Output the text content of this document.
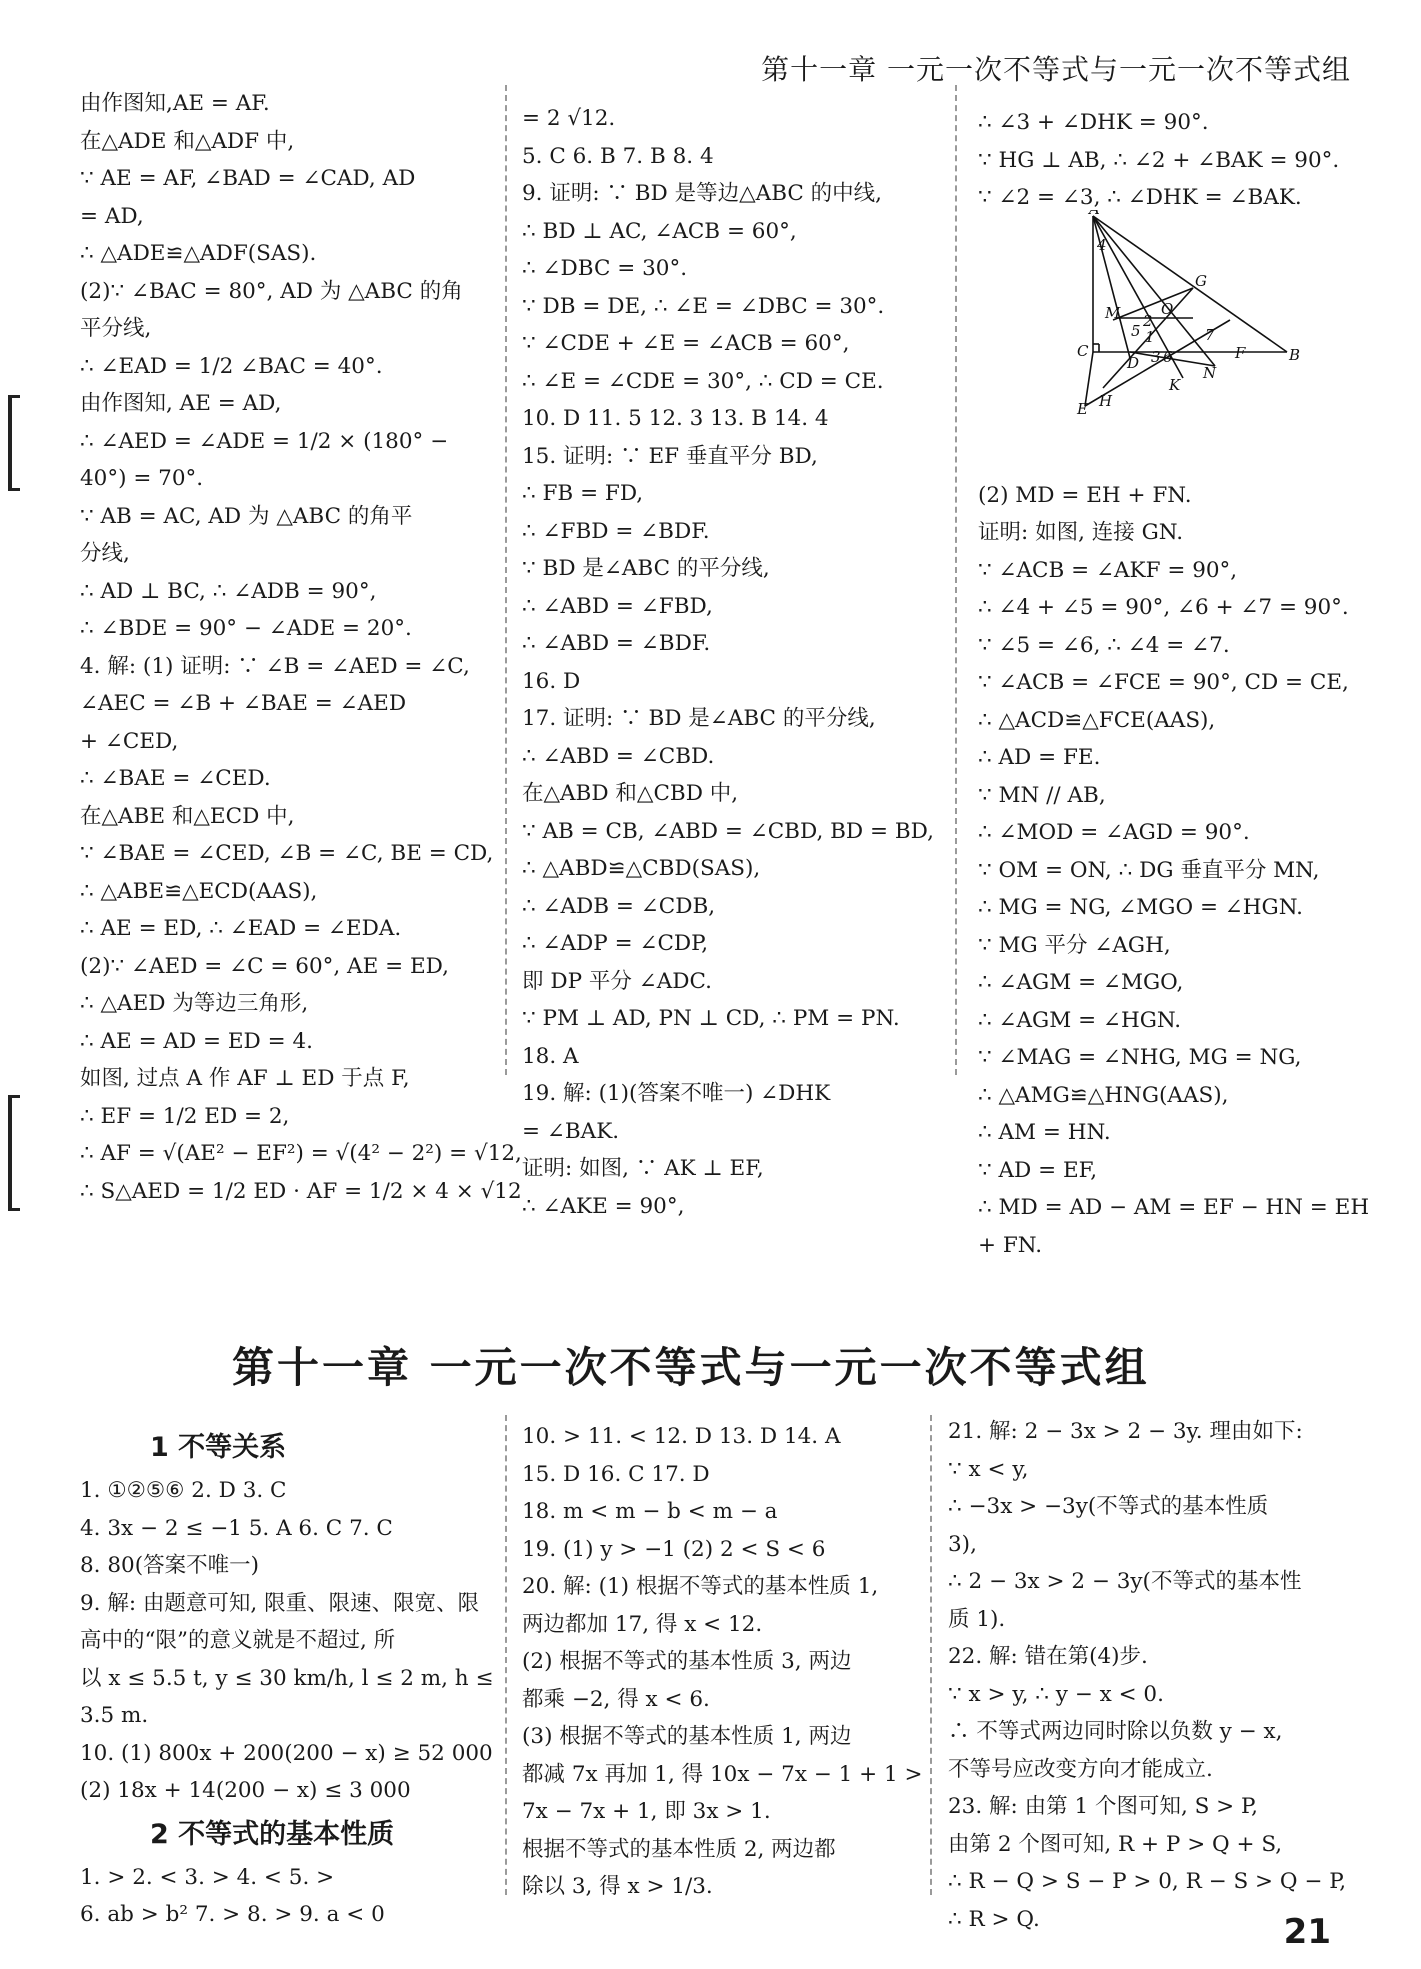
第十一章 一元一次不等式与一元一次不等式组
由作图知,AE = AF.
在△ADE 和△ADF 中,
∵ AE = AF, ∠BAD = ∠CAD, AD
= AD,
∴ △ADE≌△ADF(SAS).
(2)∵ ∠BAC = 80°, AD 为 △ABC 的角
平分线,
∴ ∠EAD = 1/2 ∠BAC = 40°.
由作图知, AE = AD,
∴ ∠AED = ∠ADE = 1/2 × (180° −
40°) = 70°.
∵ AB = AC, AD 为 △ABC 的角平
分线,
∴ AD ⊥ BC, ∴ ∠ADB = 90°,
∴ ∠BDE = 90° − ∠ADE = 20°.
4. 解: (1) 证明: ∵ ∠B = ∠AED = ∠C,
∠AEC = ∠B + ∠BAE = ∠AED
+ ∠CED,
∴ ∠BAE = ∠CED.
在△ABE 和△ECD 中,
∵ ∠BAE = ∠CED, ∠B = ∠C, BE = CD,
∴ △ABE≌△ECD(AAS),
∴ AE = ED, ∴ ∠EAD = ∠EDA.
(2)∵ ∠AED = ∠C = 60°, AE = ED,
∴ △AED 为等边三角形,
∴ AE = AD = ED = 4.
如图, 过点 A 作 AF ⊥ ED 于点 F,
∴ EF = 1/2 ED = 2,
∴ AF = √(AE² − EF²) = √(4² − 2²) = √12,
∴ S△AED = 1/2 ED · AF = 1/2 × 4 × √12
= 2 √12.
5. C 6. B 7. B 8. 4
9. 证明: ∵ BD 是等边△ABC 的中线,
∴ BD ⊥ AC, ∠ACB = 60°,
∴ ∠DBC = 30°.
∵ DB = DE, ∴ ∠E = ∠DBC = 30°.
∵ ∠CDE + ∠E = ∠ACB = 60°,
∴ ∠E = ∠CDE = 30°, ∴ CD = CE.
10. D 11. 5 12. 3 13. B 14. 4
15. 证明: ∵ EF 垂直平分 BD,
∴ FB = FD,
∴ ∠FBD = ∠BDF.
∵ BD 是∠ABC 的平分线,
∴ ∠ABD = ∠FBD,
∴ ∠ABD = ∠BDF.
16. D
17. 证明: ∵ BD 是∠ABC 的平分线,
∴ ∠ABD = ∠CBD.
在△ABD 和△CBD 中,
∵ AB = CB, ∠ABD = ∠CBD, BD = BD,
∴ △ABD≌△CBD(SAS),
∴ ∠ADB = ∠CDB,
∴ ∠ADP = ∠CDP,
即 DP 平分 ∠ADC.
∵ PM ⊥ AD, PN ⊥ CD, ∴ PM = PN.
18. A
19. 解: (1)(答案不唯一) ∠DHK
= ∠BAK.
证明: 如图, ∵ AK ⊥ EF,
∴ ∠AKE = 90°,
∴ ∠3 + ∠DHK = 90°.
∵ HG ⊥ AB, ∴ ∠2 + ∠BAK = 90°.
∵ ∠2 = ∠3, ∴ ∠DHK = ∠BAK.
(2) MD = EH + FN.
证明: 如图, 连接 GN.
∵ ∠ACB = ∠AKF = 90°,
∴ ∠4 + ∠5 = 90°, ∠6 + ∠7 = 90°.
∵ ∠5 = ∠6, ∴ ∠4 = ∠7.
∵ ∠ACB = ∠FCE = 90°, CD = CE,
∴ △ACD≌△FCE(AAS),
∴ AD = FE.
∵ MN // AB,
∴ ∠MOD = ∠AGD = 90°.
∵ OM = ON, ∴ DG 垂直平分 MN,
∴ MG = NG, ∠MGO = ∠HGN.
∵ MG 平分 ∠AGH,
∴ ∠AGM = ∠MGO,
∴ ∠AGM = ∠HGN.
∵ ∠MAG = ∠NHG, MG = NG,
∴ △AMG≌△HNG(AAS),
∴ AM = HN.
∵ AD = EF,
∴ MD = AD − AM = EF − HN = EH
+ FN.
C	B
E H
K
N
F
D
G
M	O
4
5
6
7
1
2
3
第十一章 一元一次不等式与一元一次不等式组
1 不等关系
1. ①②⑤⑥ 2. D 3. C
4. 3x − 2 ≤ −1 5. A 6. C 7. C
8. 80(答案不唯一)
9. 解: 由题意可知, 限重、限速、限宽、限
高中的“限”的意义就是不超过, 所
以 x ≤ 5.5 t, y ≤ 30 km/h, l ≤ 2 m, h ≤
3.5 m.
10. (1) 800x + 200(200 − x) ≥ 52 000
(2) 18x + 14(200 − x) ≤ 3 000
2 不等式的基本性质
1. > 2. < 3. > 4. < 5. >
6. ab > b² 7. > 8. > 9. a < 0
10. > 11. < 12. D 13. D 14. A
15. D 16. C 17. D
18. m < m − b < m − a
19. (1) y > −1 (2) 2 < S < 6
20. 解: (1) 根据不等式的基本性质 1,
两边都加 17, 得 x < 12.
(2) 根据不等式的基本性质 3, 两边
都乘 −2, 得 x < 6.
(3) 根据不等式的基本性质 1, 两边
都减 7x 再加 1, 得 10x − 7x − 1 + 1 >
7x − 7x + 1, 即 3x > 1.
根据不等式的基本性质 2, 两边都
除以 3, 得 x > 1/3.
21. 解: 2 − 3x > 2 − 3y. 理由如下:
∵ x < y,
∴ −3x > −3y(不等式的基本性质
3),
∴ 2 − 3x > 2 − 3y(不等式的基本性
质 1).
22. 解: 错在第(4)步.
∵ x > y, ∴ y − x < 0.
∴ 不等式两边同时除以负数 y − x,
不等号应改变方向才能成立.
23. 解: 由第 1 个图可知, S > P,
由第 2 个图可知, R + P > Q + S,
∴ R − Q > S − P > 0, R − S > Q − P,
∴ R > Q.	21
